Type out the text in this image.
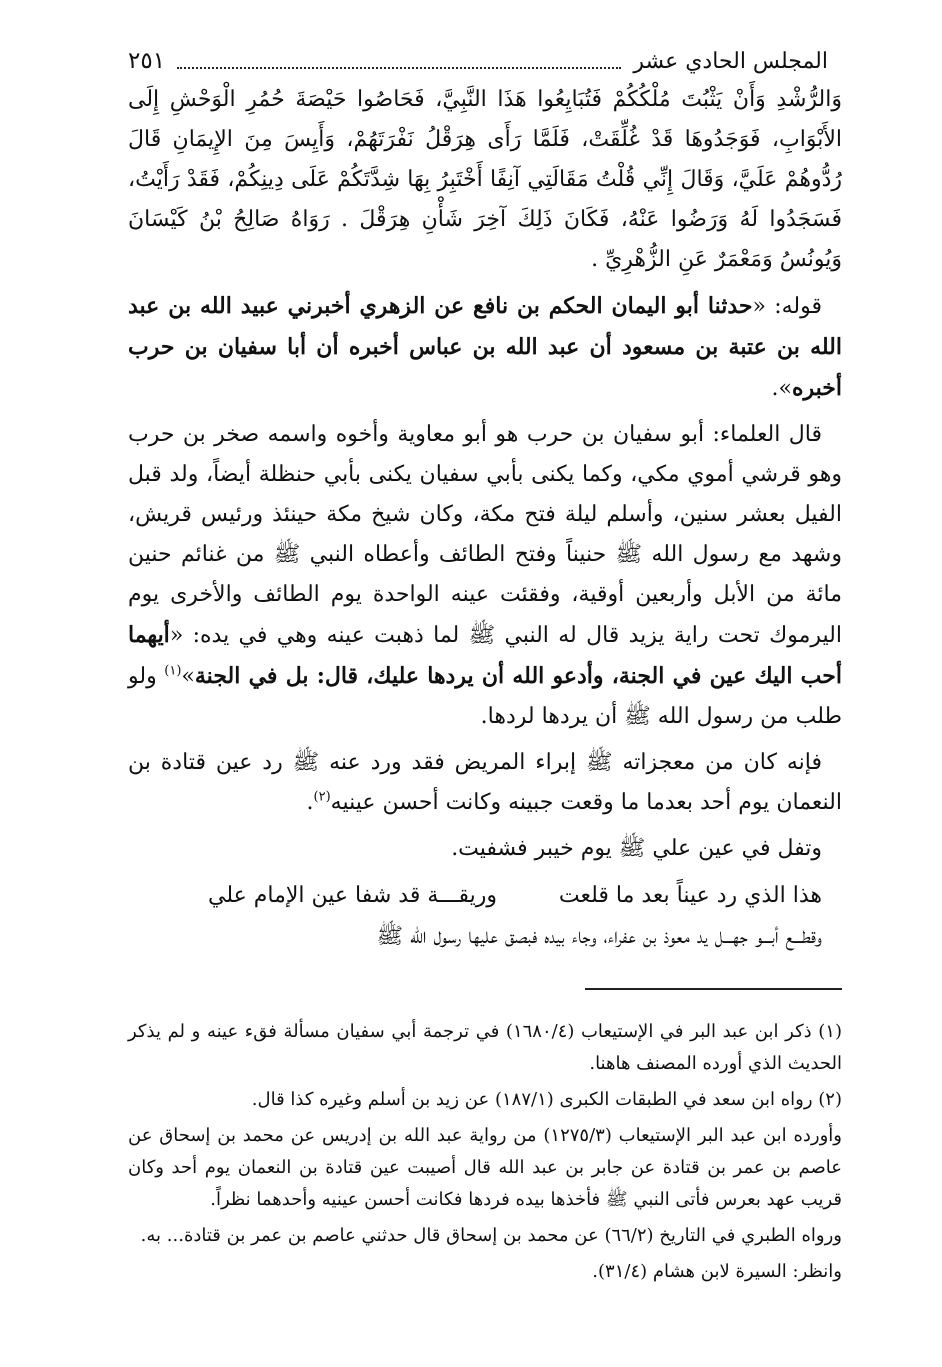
المجلس الحادي عشر
٢٥١

وَالرُّشْدِ وَأَنْ يَثْبُتَ مُلْكُكُمْ فَتُبَايِعُوا هَذَا النَّبِيَّ، فَحَاصُوا حَيْصَةَ حُمُرِ الْوَحْشِ إِلَى الأَبْوَابِ، فَوَجَدُوهَا قَدْ غُلِّقَتْ، فَلَمَّا رَأَى هِرَقْلُ نَفْرَتَهُمْ، وَأَيِسَ مِنَ الإِيمَانِ قَالَ رُدُّوهُمْ عَلَيَّ، وَقَالَ إِنِّي قُلْتُ مَقَالَتِي آنِفًا أَخْتَبِرُ بِهَا شِدَّتَكُمْ عَلَى دِينِكُمْ، فَقَدْ رَأَيْتُ، فَسَجَدُوا لَهُ وَرَضُوا عَنْهُ، فَكَانَ ذَلِكَ آخِرَ شَأْنِ هِرَقْلَ . رَوَاهُ صَالِحُ بْنُ كَيْسَانَ وَيُونُسُ وَمَعْمَرٌ عَنِ الزُّهْرِيِّ .

قوله: «حدثنا أبو اليمان الحكم بن نافع عن الزهري أخبرني عبيد الله بن عبد الله بن عتبة بن مسعود أن عبد الله بن عباس أخبره أن أبا سفيان بن حرب أخبره».

قال العلماء: أبو سفيان بن حرب هو أبو معاوية وأخوه واسمه صخر بن حرب وهو قرشي أموي مكي، وكما يكنى بأبي سفيان يكنى بأبي حنظلة أيضاً، ولد قبل الفيل بعشر سنين، وأسلم ليلة فتح مكة، وكان شيخ مكة حينئذ ورئيس قريش، وشهد مع رسول الله ﷺ حنيناً وفتح الطائف وأعطاه النبي ﷺ من غنائم حنين مائة من الأبل وأربعين أوقية، وفقئت عينه الواحدة يوم الطائف والأخرى يوم اليرموك تحت راية يزيد قال له النبي ﷺ لما ذهبت عينه وهي في يده: «أيهما أحب اليك عين في الجنة، وأدعو الله أن يردها عليك، قال: بل في الجنة»$^{(١)}$ ولو طلب من رسول الله ﷺ أن يردها لردها.

فإنه كان من معجزاته ﷺ إبراء المريض فقد ورد عنه ﷺ رد عين قتادة بن النعمان يوم أحد بعدما ما وقعت جبينه وكانت أحسن عينيه$^{(٢)}$.

وتفل في عين علي ﷺ يوم خيبر فشفيت.

هذا الذي رد عيناً بعد ما قلعت
وريقـــة قد شفا عين الإمام علي

وقطـــع أبـــو جهـــل يد معوذ بن عفراء، وجاء بيده فبصق عليها رسول الله ﷺ

(١) ذكر ابن عبد البر في الإستيعاب (١٦٨٠/٤) في ترجمة أبي سفيان مسألة فقء عينه و لم يذكر الحديث الذي أورده المصنف هاهنا.

(٢) رواه ابن سعد في الطبقات الكبرى (١٨٧/١) عن زيد بن أسلم وغيره كذا قال.

وأورده ابن عبد البر الإستيعاب (١٢٧٥/٣) من رواية عبد الله بن إدريس عن محمد بن إسحاق عن عاصم بن عمر بن قتادة عن جابر بن عبد الله قال أصيبت عين قتادة بن النعمان يوم أحد وكان قريب عهد بعرس فأتى النبي ﷺ فأخذها بيده فردها فكانت أحسن عينيه وأحدهما نظراً.

ورواه الطبري في التاريخ (٦٦/٢) عن محمد بن إسحاق قال حدثني عاصم بن عمر بن قتادة... به.

وانظر: السيرة لابن هشام (٣١/٤).
